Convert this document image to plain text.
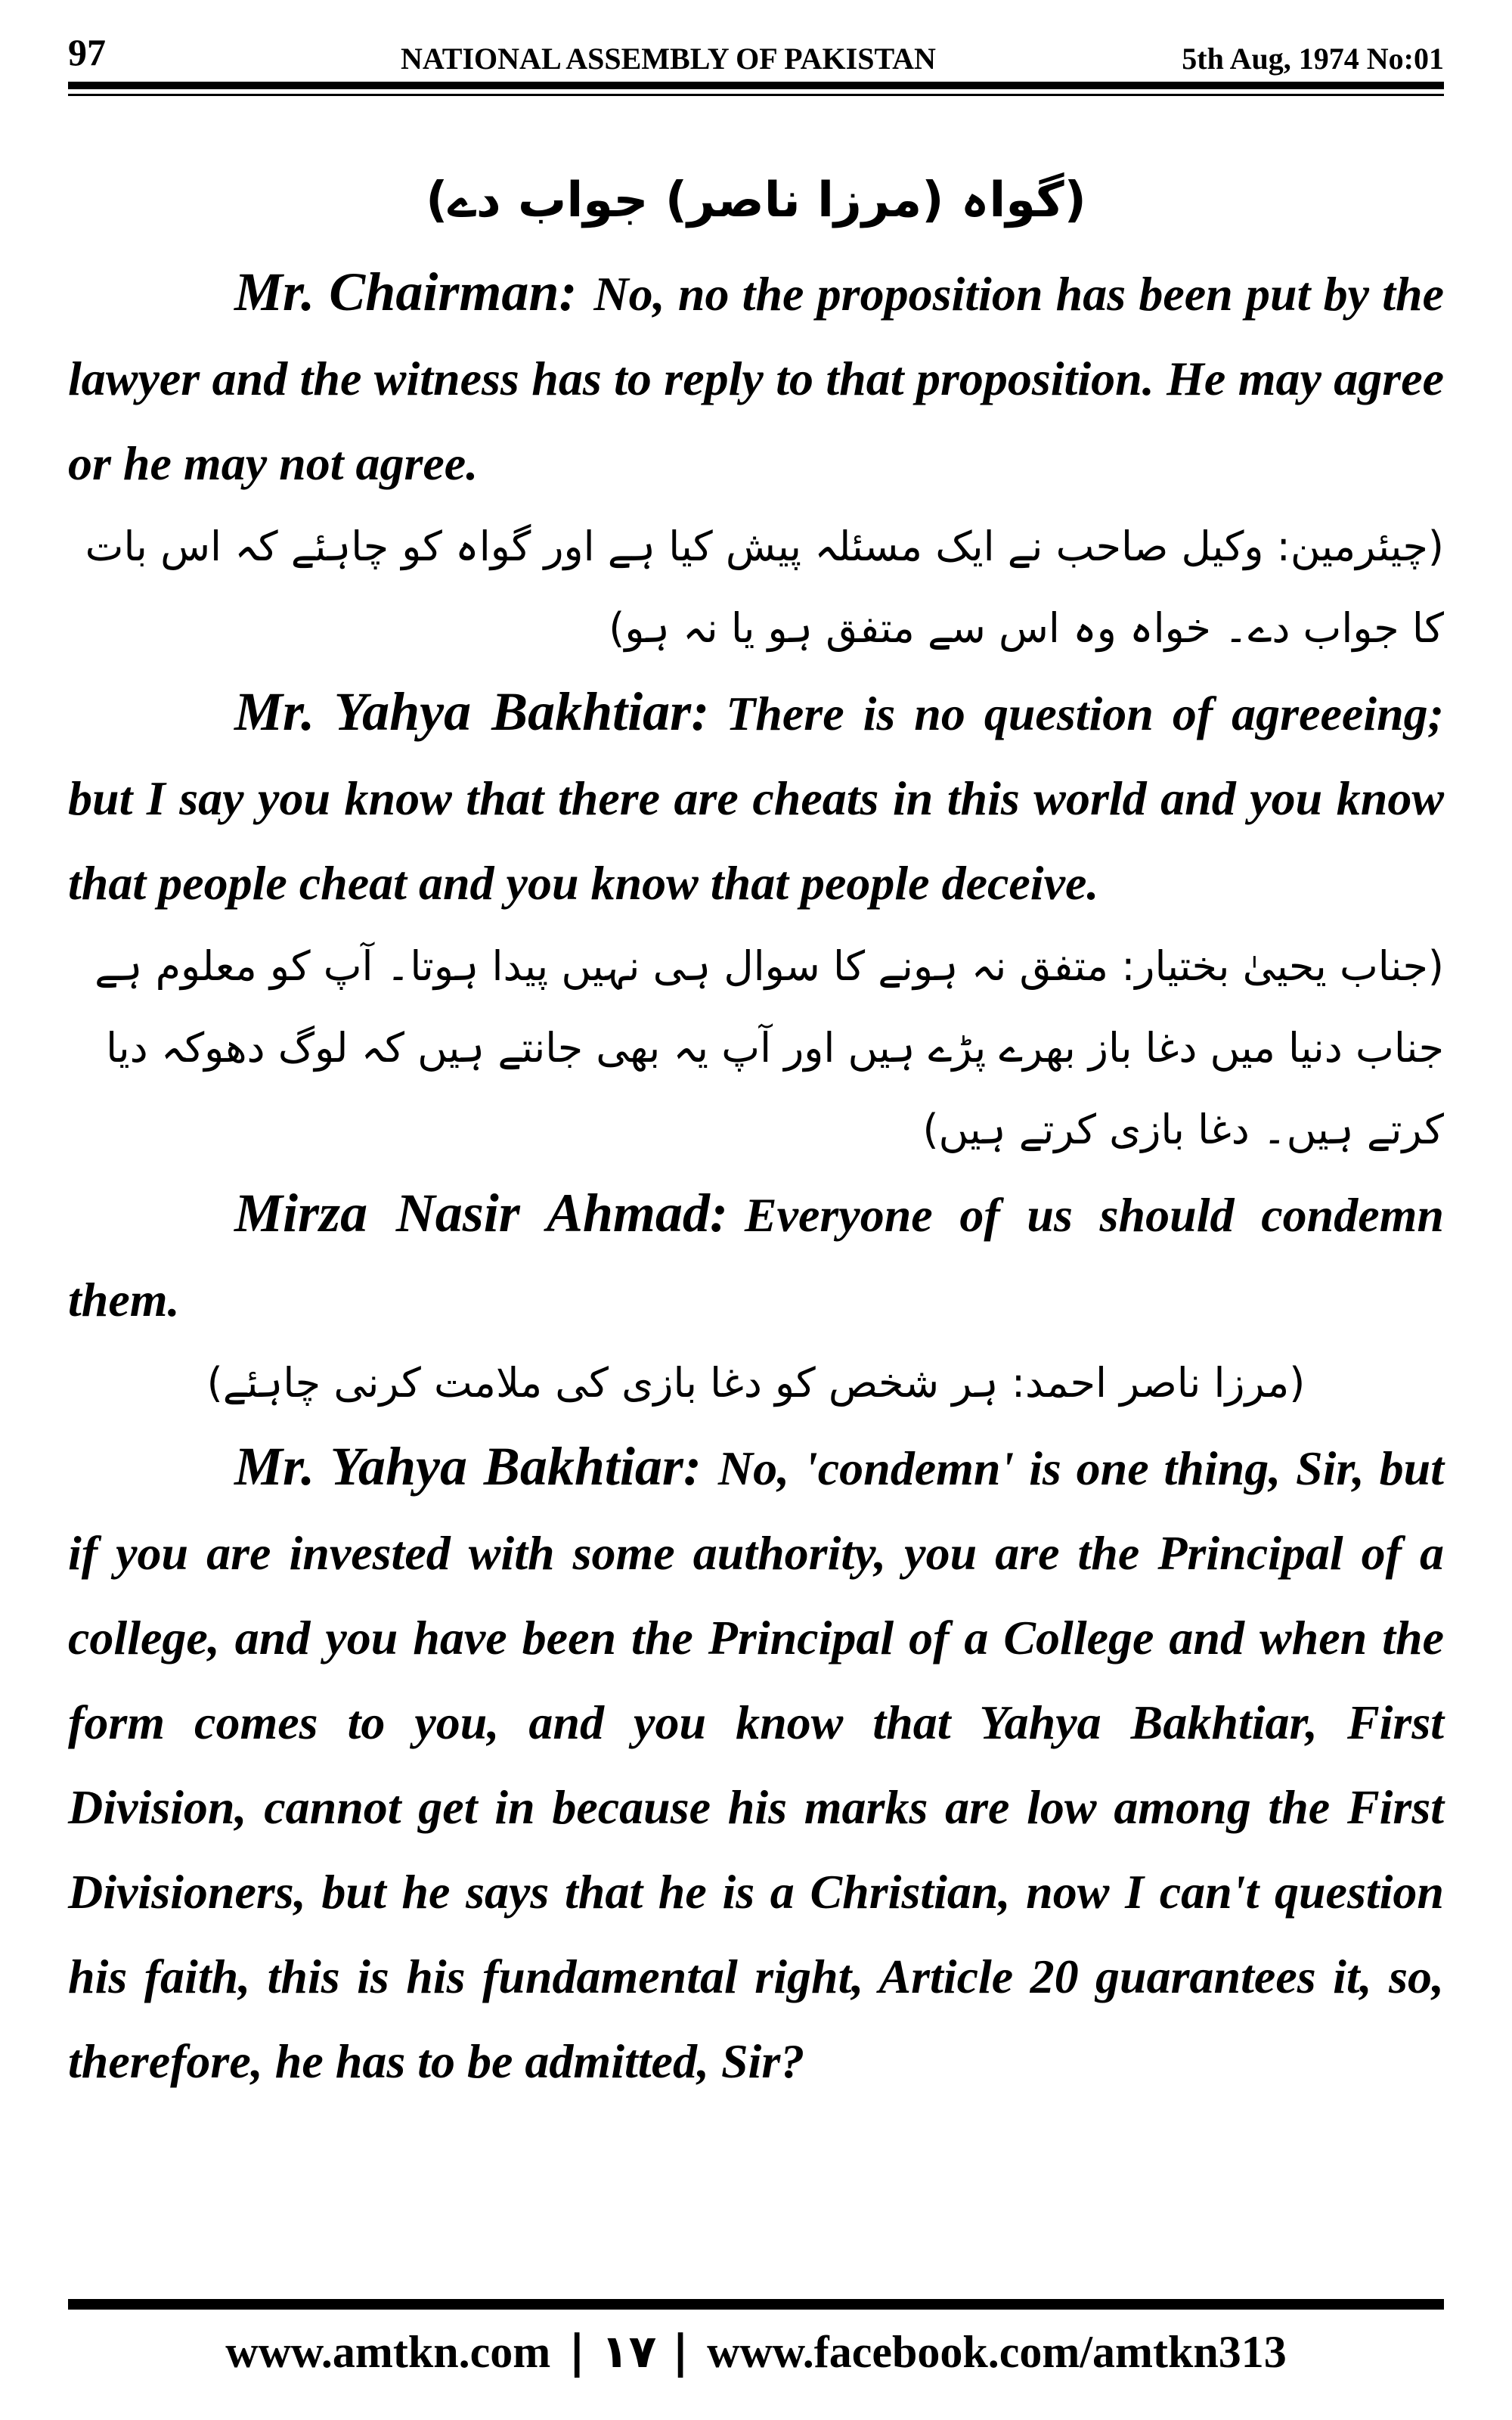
97	NATIONAL ASSEMBLY OF PAKISTAN	5th Aug, 1974 No:01

(گواہ (مرزا ناصر) جواب دے)

Mr. Chairman: No, no the proposition has been put by the lawyer and the witness has to reply to that proposition. He may agree or he may not agree.

(چیئرمین: وکیل صاحب نے ایک مسئلہ پیش کیا ہے اور گواہ کو چاہئے کہ اس بات کا جواب دے۔ خواہ وہ اس سے متفق ہو یا نہ ہو)

Mr. Yahya Bakhtiar: There is no question of agreeeing; but I say you know that there are cheats in this world and you know that people cheat and you know that people deceive.

(جناب یحییٰ بختیار: متفق نہ ہونے کا سوال ہی نہیں پیدا ہوتا۔ آپ کو معلوم ہے جناب دنیا میں دغا باز بھرے پڑے ہیں اور آپ یہ بھی جانتے ہیں کہ لوگ دھوکہ دیا کرتے ہیں۔ دغا بازی کرتے ہیں)

Mirza Nasir Ahmad: Everyone of us should condemn them.

(مرزا ناصر احمد: ہر شخص کو دغا بازی کی ملامت کرنی چاہئے)

Mr. Yahya Bakhtiar: No, 'condemn' is one thing, Sir, but if you are invested with some authority, you are the Principal of a college, and you have been the Principal of a College and when the form comes to you, and you know that Yahya Bakhtiar, First Division, cannot get in because his marks are low among the First Divisioners, but he says that he is a Christian, now I can't question his faith, this is his fundamental right, Article 20 guarantees it, so, therefore, he has to be admitted, Sir?

www.amtkn.com | ۱۷ | www.facebook.com/amtkn313
